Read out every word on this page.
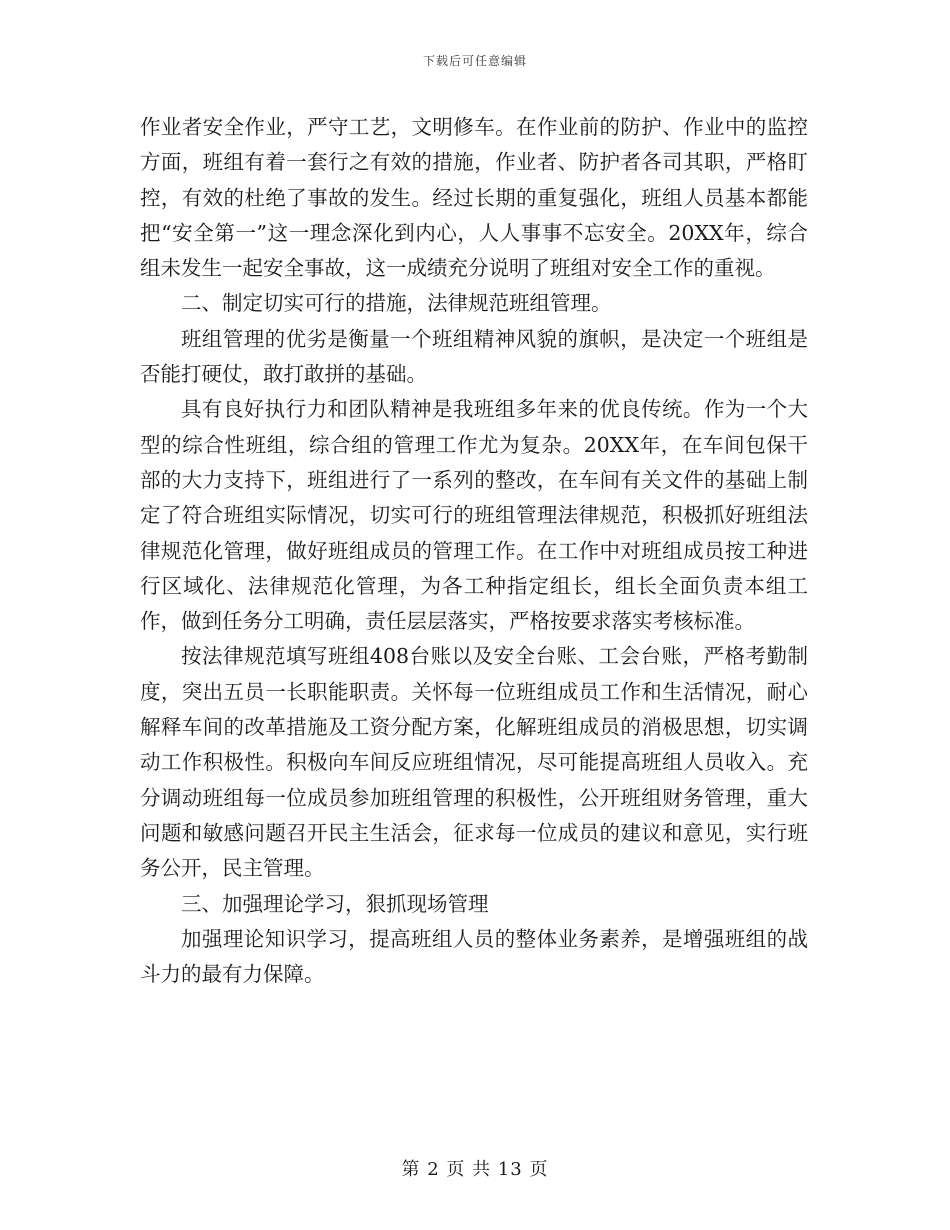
下载后可任意编辑

作业者安全作业，严守工艺，文明修车。在作业前的防护、作业中的监控方面，班组有着一套行之有效的措施，作业者、防护者各司其职，严格盯控，有效的杜绝了事故的发生。经过长期的重复强化，班组人员基本都能把“安全第一”这一理念深化到内心，人人事事不忘安全。20XX年，综合组未发生一起安全事故，这一成绩充分说明了班组对安全工作的重视。

二、制定切实可行的措施，法律规范班组管理。

班组管理的优劣是衡量一个班组精神风貌的旗帜，是决定一个班组是否能打硬仗，敢打敢拼的基础。

具有良好执行力和团队精神是我班组多年来的优良传统。作为一个大型的综合性班组，综合组的管理工作尤为复杂。20XX年，在车间包保干部的大力支持下，班组进行了一系列的整改，在车间有关文件的基础上制定了符合班组实际情况，切实可行的班组管理法律规范，积极抓好班组法律规范化管理，做好班组成员的管理工作。在工作中对班组成员按工种进行区域化、法律规范化管理，为各工种指定组长，组长全面负责本组工作，做到任务分工明确，责任层层落实，严格按要求落实考核标准。

按法律规范填写班组408台账以及安全台账、工会台账，严格考勤制度，突出五员一长职能职责。关怀每一位班组成员工作和生活情况，耐心解释车间的改革措施及工资分配方案，化解班组成员的消极思想，切实调动工作积极性。积极向车间反应班组情况，尽可能提高班组人员收入。充分调动班组每一位成员参加班组管理的积极性，公开班组财务管理，重大问题和敏感问题召开民主生活会，征求每一位成员的建议和意见，实行班务公开，民主管理。

三、加强理论学习，狠抓现场管理

加强理论知识学习，提高班组人员的整体业务素养，是增强班组的战斗力的最有力保障。

第 2 页 共 13 页
